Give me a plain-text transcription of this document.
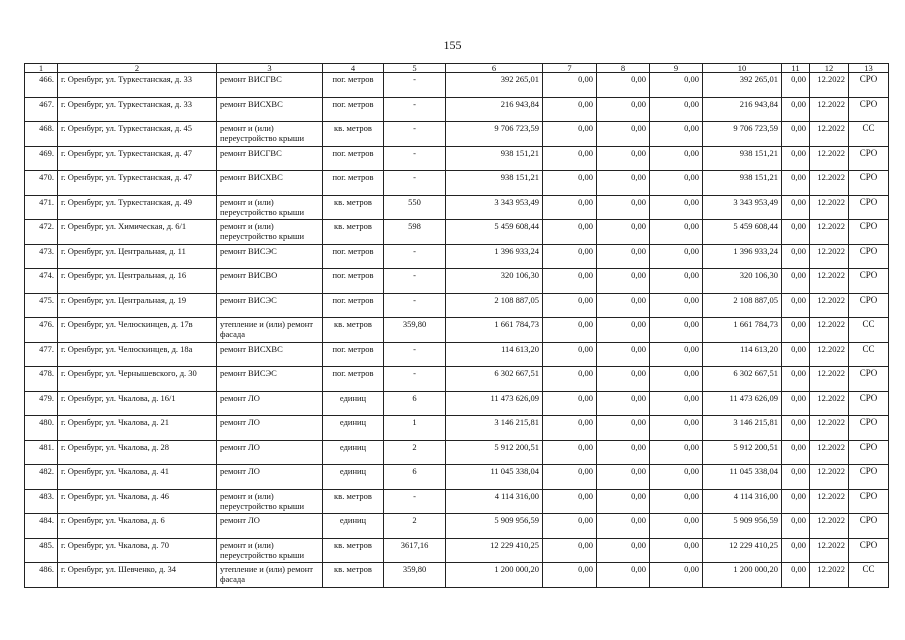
155
1	2	3	4	5	6	7	8	9	10	11	12	13
466.	г. Оренбург, ул. Туркестанская, д. 33	ремонт ВИСГВС	пог. метров	-	392 265,01	0,00	0,00	0,00	392 265,01	0,00	12.2022	СРО
467.	г. Оренбург, ул. Туркестанская, д. 33	ремонт ВИСХВС	пог. метров	-	216 943,84	0,00	0,00	0,00	216 943,84	0,00	12.2022	СРО
468.	г. Оренбург, ул. Туркестанская, д. 45	ремонт и (или) переустройство крыши	кв. метров	-	9 706 723,59	0,00	0,00	0,00	9 706 723,59	0,00	12.2022	СС
469.	г. Оренбург, ул. Туркестанская, д. 47	ремонт ВИСГВС	пог. метров	-	938 151,21	0,00	0,00	0,00	938 151,21	0,00	12.2022	СРО
470.	г. Оренбург, ул. Туркестанская, д. 47	ремонт ВИСХВС	пог. метров	-	938 151,21	0,00	0,00	0,00	938 151,21	0,00	12.2022	СРО
471.	г. Оренбург, ул. Туркестанская, д. 49	ремонт и (или) переустройство крыши	кв. метров	550	3 343 953,49	0,00	0,00	0,00	3 343 953,49	0,00	12.2022	СРО
472.	г. Оренбург, ул. Химическая, д. 6/1	ремонт и (или) переустройство крыши	кв. метров	598	5 459 608,44	0,00	0,00	0,00	5 459 608,44	0,00	12.2022	СРО
473.	г. Оренбург, ул. Центральная, д. 11	ремонт ВИСЭС	пог. метров	-	1 396 933,24	0,00	0,00	0,00	1 396 933,24	0,00	12.2022	СРО
474.	г. Оренбург, ул. Центральная, д. 16	ремонт ВИСВО	пог. метров	-	320 106,30	0,00	0,00	0,00	320 106,30	0,00	12.2022	СРО
475.	г. Оренбург, ул. Центральная, д. 19	ремонт ВИСЭС	пог. метров	-	2 108 887,05	0,00	0,00	0,00	2 108 887,05	0,00	12.2022	СРО
476.	г. Оренбург, ул. Челюскинцев, д. 17в	утепление и (или) ремонт фасада	кв. метров	359,80	1 661 784,73	0,00	0,00	0,00	1 661 784,73	0,00	12.2022	СС
477.	г. Оренбург, ул. Челюскинцев, д. 18а	ремонт ВИСХВС	пог. метров	-	114 613,20	0,00	0,00	0,00	114 613,20	0,00	12.2022	СС
478.	г. Оренбург, ул. Чернышевского, д. 30	ремонт ВИСЭС	пог. метров	-	6 302 667,51	0,00	0,00	0,00	6 302 667,51	0,00	12.2022	СРО
479.	г. Оренбург, ул. Чкалова, д. 16/1	ремонт ЛО	единиц	6	11 473 626,09	0,00	0,00	0,00	11 473 626,09	0,00	12.2022	СРО
480.	г. Оренбург, ул. Чкалова, д. 21	ремонт ЛО	единиц	1	3 146 215,81	0,00	0,00	0,00	3 146 215,81	0,00	12.2022	СРО
481.	г. Оренбург, ул. Чкалова, д. 28	ремонт ЛО	единиц	2	5 912 200,51	0,00	0,00	0,00	5 912 200,51	0,00	12.2022	СРО
482.	г. Оренбург, ул. Чкалова, д. 41	ремонт ЛО	единиц	6	11 045 338,04	0,00	0,00	0,00	11 045 338,04	0,00	12.2022	СРО
483.	г. Оренбург, ул. Чкалова, д. 46	ремонт и (или) переустройство крыши	кв. метров	-	4 114 316,00	0,00	0,00	0,00	4 114 316,00	0,00	12.2022	СРО
484.	г. Оренбург, ул. Чкалова, д. 6	ремонт ЛО	единиц	2	5 909 956,59	0,00	0,00	0,00	5 909 956,59	0,00	12.2022	СРО
485.	г. Оренбург, ул. Чкалова, д. 70	ремонт и (или) переустройство крыши	кв. метров	3617,16	12 229 410,25	0,00	0,00	0,00	12 229 410,25	0,00	12.2022	СРО
486.	г. Оренбург, ул. Шевченко, д. 34	утепление и (или) ремонт фасада	кв. метров	359,80	1 200 000,20	0,00	0,00	0,00	1 200 000,20	0,00	12.2022	СС
